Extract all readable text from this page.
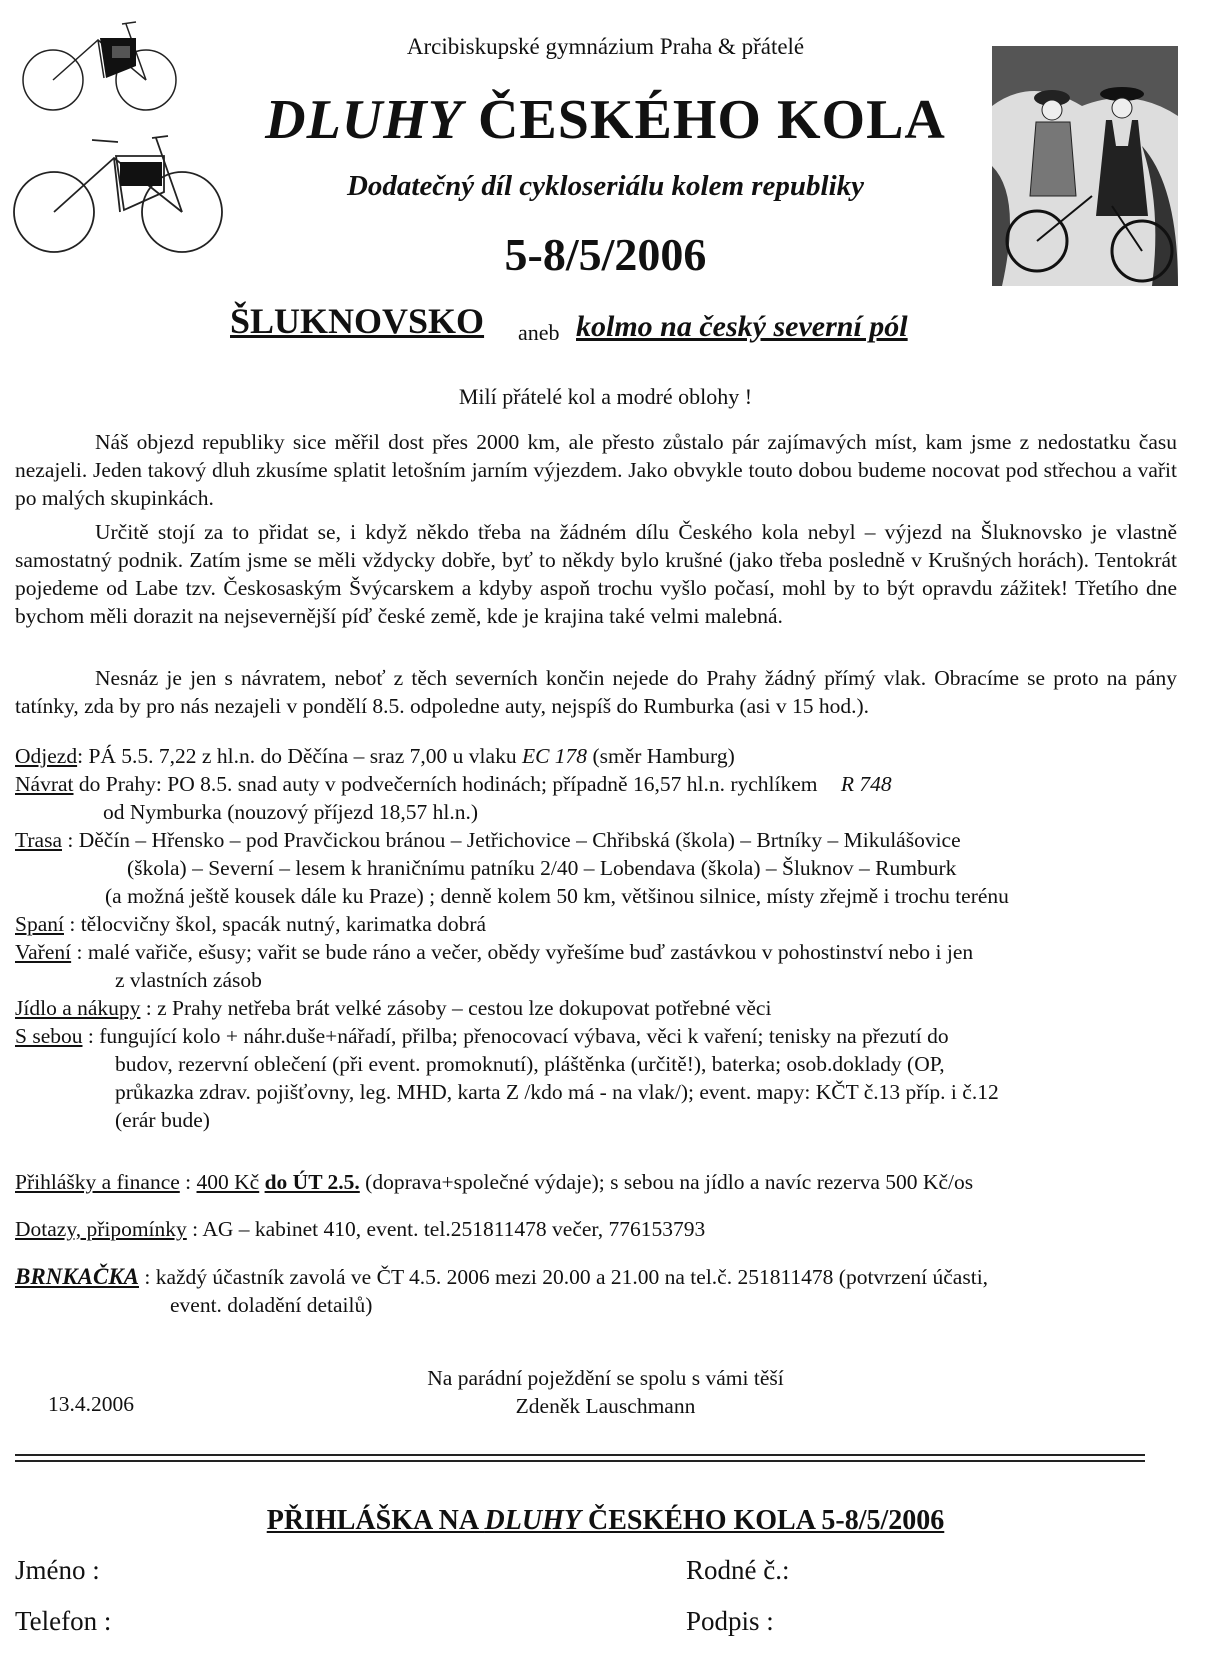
Arcibiskupské gymnázium Praha & přátelé
DLUHY ČESKÉHO KOLA
Dodatečný díl cykloseriálu kolem republiky
5-8/5/2006
ŠLUKNOVSKO aneb kolmo na český severní pól
Milí přátelé kol a modré oblohy !

Náš objezd republiky sice měřil dost přes 2000 km, ale přesto zůstalo pár zajímavých míst, kam jsme z nedostatku času nezajeli. Jeden takový dluh zkusíme splatit letošním jarním výjezdem. Jako obvykle touto dobou budeme nocovat pod střechou a vařit po malých skupinkách.

Určitě stojí za to přidat se, i když někdo třeba na žádném dílu Českého kola nebyl – výjezd na Šluknovsko je vlastně samostatný podnik. Zatím jsme se měli vždycky dobře, byť to někdy bylo krušné (jako třeba posledně v Krušných horách). Tentokrát pojedeme od Labe tzv. Českosaským Švýcarskem a kdyby aspoň trochu vyšlo počasí, mohl by to být opravdu zážitek! Třetího dne bychom měli dorazit na nejsevernější píď české země, kde je krajina také velmi malebná.

Nesnáz je jen s návratem, neboť z těch severních končin nejede do Prahy žádný přímý vlak. Obracíme se proto na pány tatínky, zda by pro nás nezajeli v pondělí 8.5. odpoledne auty, nejspíš do Rumburka (asi v 15 hod.).

Odjezd: PÁ 5.5. 7,22 z hl.n. do Děčína – sraz 7,00 u vlaku EC 178 (směr Hamburg)
Návrat do Prahy: PO 8.5. snad auty v podvečerních hodinách; případně 16,57 hl.n. rychlíkem R 748
od Nymburka (nouzový příjezd 18,57 hl.n.)
Trasa : Děčín – Hřensko – pod Pravčickou bránou – Jetřichovice – Chřibská (škola) – Brtníky – Mikulášovice
(škola) – Severní – lesem k hraničnímu patníku 2/40 – Lobendava (škola) – Šluknov – Rumburk
(a možná ještě kousek dále ku Praze) ; denně kolem 50 km, většinou silnice, místy zřejmě i trochu terénu
Spaní : tělocvičny škol, spacák nutný, karimatka dobrá
Vaření : malé vařiče, ešusy; vařit se bude ráno a večer, obědy vyřešíme buď zastávkou v pohostinství nebo i jen
z vlastních zásob
Jídlo a nákupy : z Prahy netřeba brát velké zásoby – cestou lze dokupovat potřebné věci
S sebou : fungující kolo + náhr.duše+nářadí, přilba; přenocovací výbava, věci k vaření; tenisky na přezutí do
budov, rezervní oblečení (při event. promoknutí), pláštěnka (určitě!), baterka; osob.doklady (OP,
průkazka zdrav. pojišťovny, leg. MHD, karta Z /kdo má - na vlak/); event. mapy: KČT č.13 příp. i č.12
(erár bude)
Přihlášky a finance : 400 Kč do ÚT 2.5. (doprava+společné výdaje); s sebou na jídlo a navíc rezerva 500 Kč/os
Dotazy, připomínky : AG – kabinet 410, event. tel.251811478 večer, 776153793
BRNKAČKA : každý účastník zavolá ve ČT 4.5. 2006 mezi 20.00 a 21.00 na tel.č. 251811478 (potvrzení účasti,
event. doladění detailů)
Na parádní poježdění se spolu s vámi těší
Zdeněk Lauschmann
13.4.2006
PŘIHLÁŠKA NA DLUHY ČESKÉHO KOLA 5-8/5/2006
Jméno :	Rodné č.:
Telefon :	Podpis :
